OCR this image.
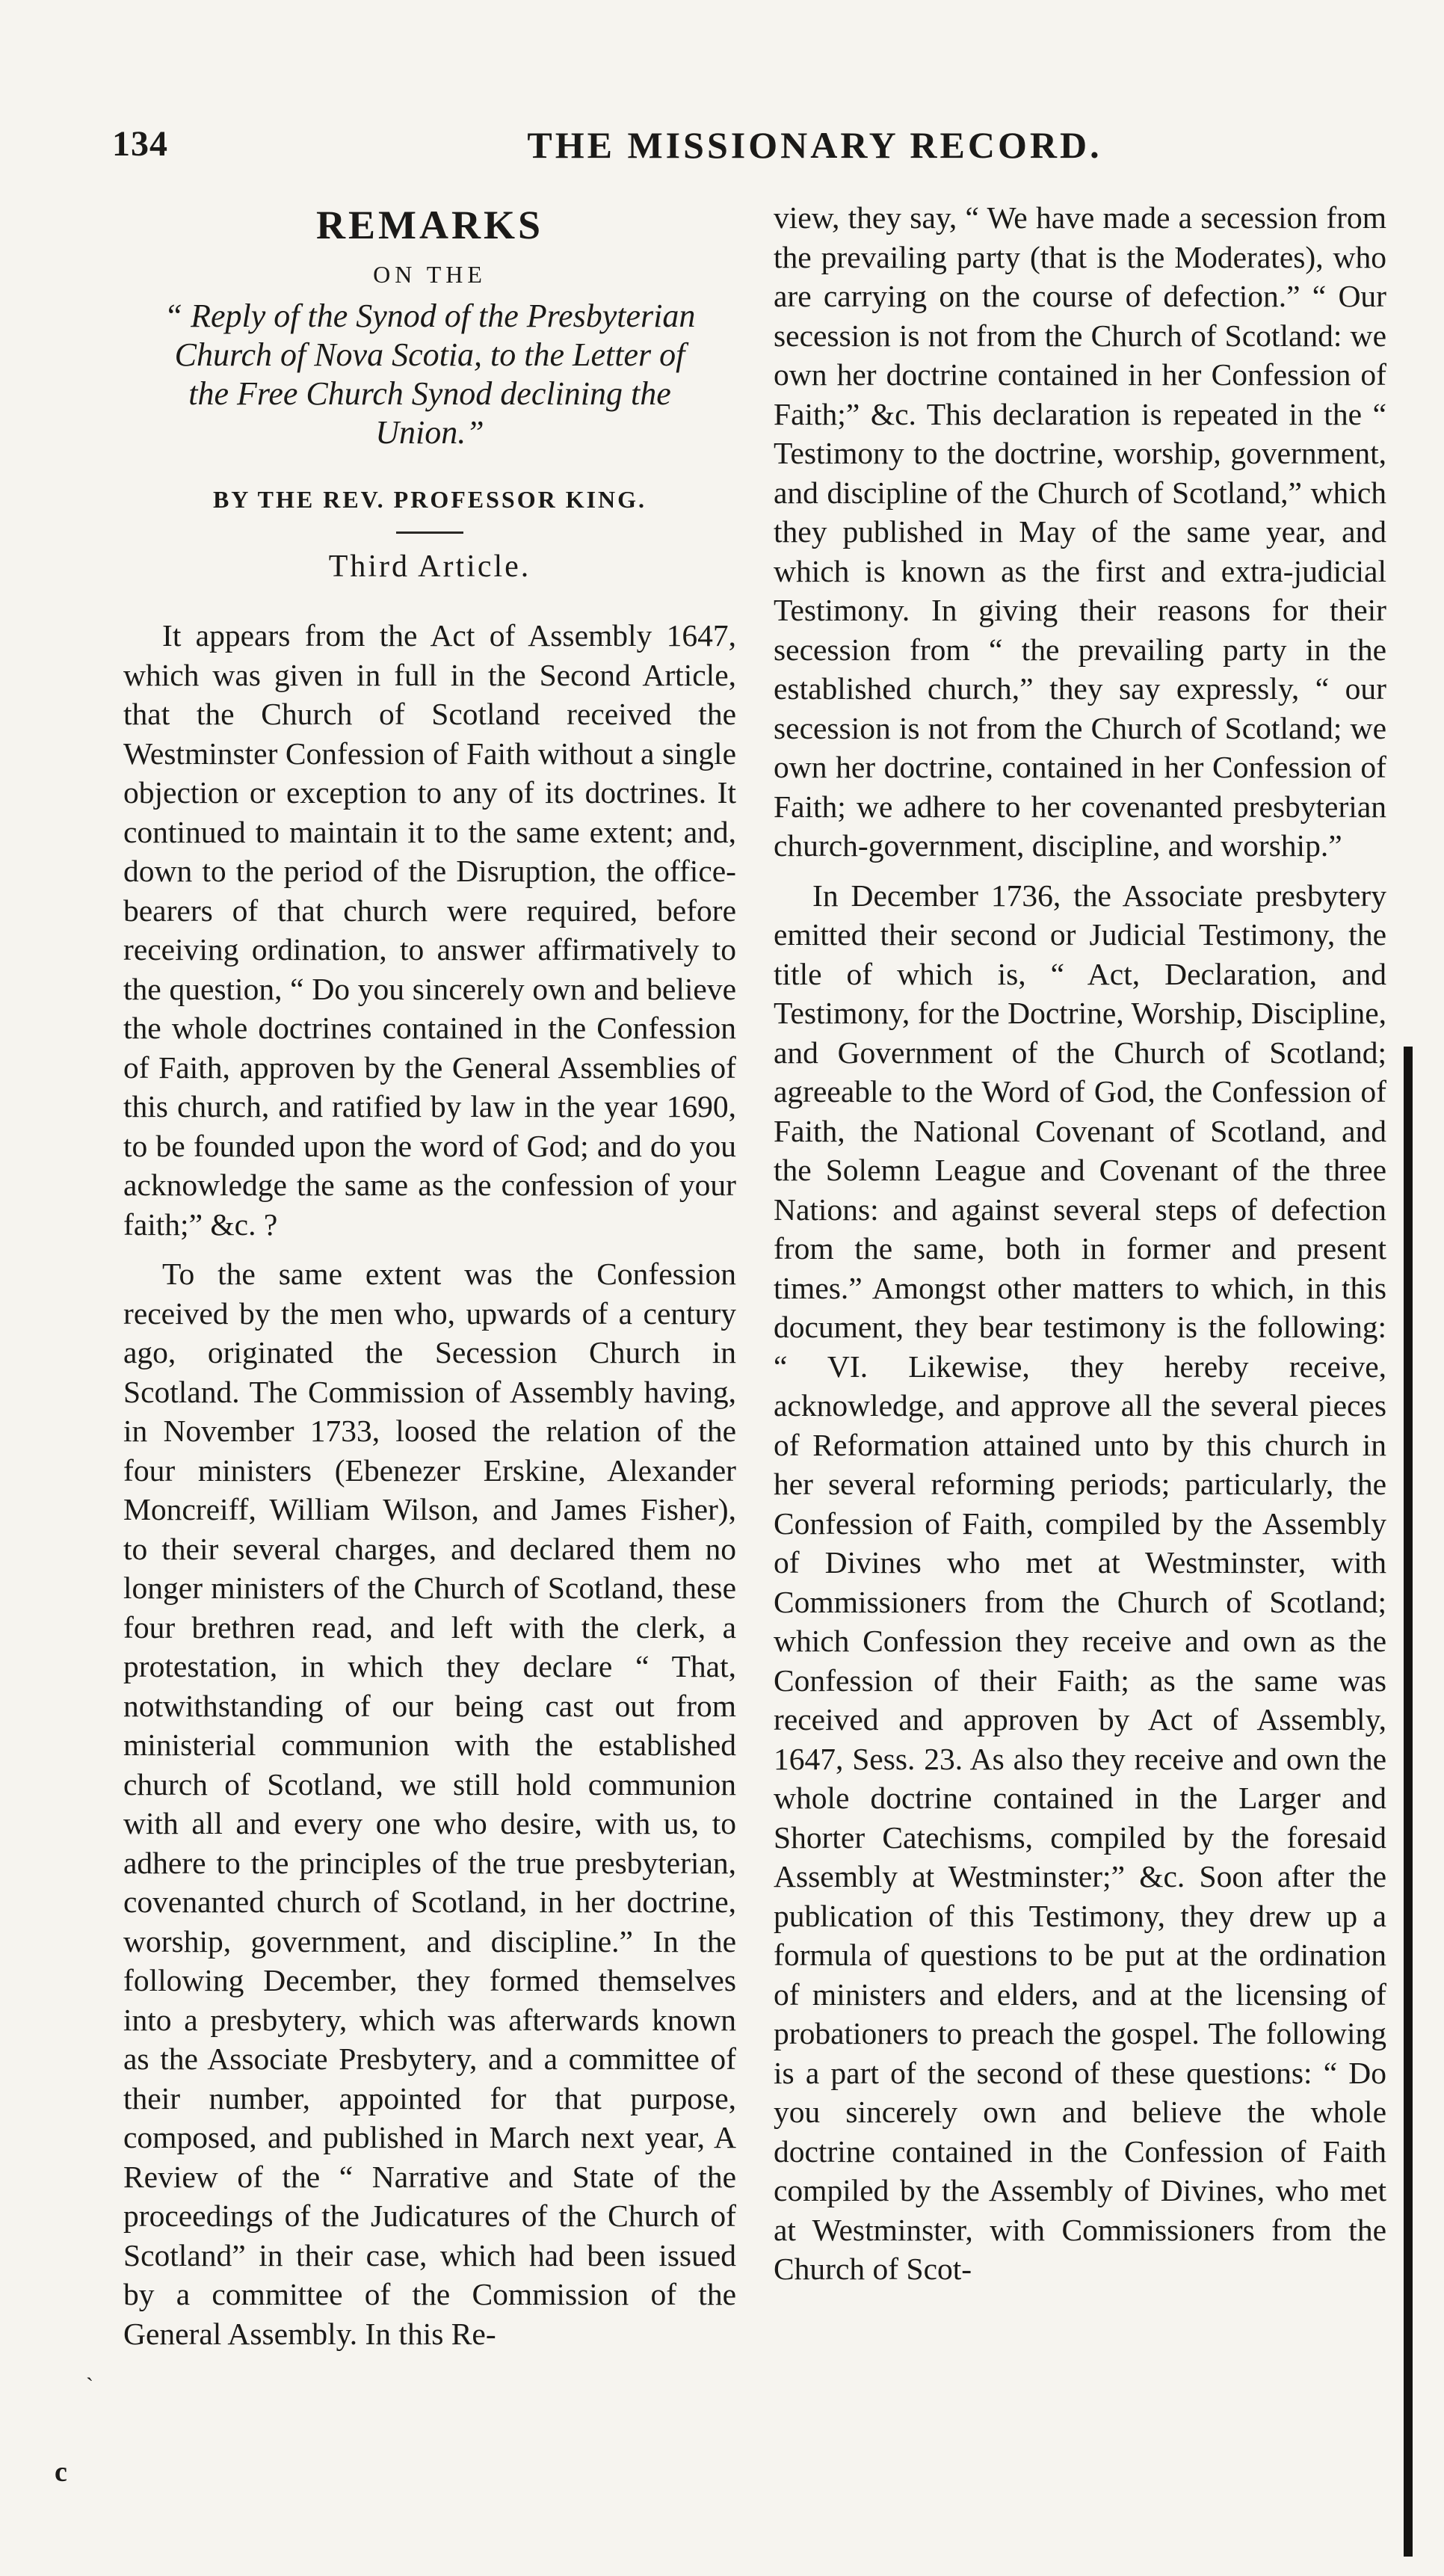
134	THE MISSIONARY RECORD.
REMARKS
ON THE
“ Reply of the Synod of the Presbyterian Church of Nova Scotia, to the Letter of the Free Church Synod declining the Union.”
BY THE REV. PROFESSOR KING.
Third Article.

It appears from the Act of Assembly 1647, which was given in full in the Second Article, that the Church of Scotland received the Westminster Confession of Faith without a single objection or exception to any of its doctrines. It continued to maintain it to the same extent; and, down to the period of the Disruption, the office-bearers of that church were required, before receiving ordination, to answer affirmatively to the question, “ Do you sincerely own and believe the whole doctrines contained in the Confession of Faith, approven by the General Assemblies of this church, and ratified by law in the year 1690, to be founded upon the word of God; and do you acknowledge the same as the confession of your faith;” &c. ?

To the same extent was the Confession received by the men who, upwards of a century ago, originated the Secession Church in Scotland. The Commission of Assembly having, in November 1733, loosed the relation of the four ministers (Ebenezer Erskine, Alexander Moncreiff, William Wilson, and James Fisher), to their several charges, and declared them no longer ministers of the Church of Scotland, these four brethren read, and left with the clerk, a protestation, in which they declare “ That, notwithstanding of our being cast out from ministerial communion with the established church of Scotland, we still hold communion with all and every one who desire, with us, to adhere to the principles of the true presbyterian, covenanted church of Scotland, in her doctrine, worship, government, and discipline.” In the following December, they formed themselves into a presbytery, which was afterwards known as the Associate Presbytery, and a committee of their number, appointed for that purpose, composed, and published in March next year, A Review of the “ Narrative and State of the proceedings of the Judicatures of the Church of Scotland” in their case, which had been issued by a committee of the Commission of the General Assembly. In this Re-

view, they say, “ We have made a secession from the prevailing party (that is the Moderates), who are carrying on the course of defection.” “ Our secession is not from the Church of Scotland: we own her doctrine contained in her Confession of Faith;” &c. This declaration is repeated in the “ Testimony to the doctrine, worship, government, and discipline of the Church of Scotland,” which they published in May of the same year, and which is known as the first and extra-judicial Testimony. In giving their reasons for their secession from “ the prevailing party in the established church,” they say expressly, “ our secession is not from the Church of Scotland; we own her doctrine, contained in her Confession of Faith; we adhere to her covenanted presbyterian church-government, discipline, and worship.”

In December 1736, the Associate presbytery emitted their second or Judicial Testimony, the title of which is, “ Act, Declaration, and Testimony, for the Doctrine, Worship, Discipline, and Government of the Church of Scotland; agreeable to the Word of God, the Confession of Faith, the National Covenant of Scotland, and the Solemn League and Covenant of the three Nations: and against several steps of defection from the same, both in former and present times.” Amongst other matters to which, in this document, they bear testimony is the following: “ VI. Likewise, they hereby receive, acknowledge, and approve all the several pieces of Reformation attained unto by this church in her several reforming periods; particularly, the Confession of Faith, compiled by the Assembly of Divines who met at Westminster, with Commissioners from the Church of Scotland; which Confession they receive and own as the Confession of their Faith; as the same was received and approven by Act of Assembly, 1647, Sess. 23. As also they receive and own the whole doctrine contained in the Larger and Shorter Catechisms, compiled by the foresaid Assembly at Westminster;” &c. Soon after the publication of this Testimony, they drew up a formula of questions to be put at the ordination of ministers and elders, and at the licensing of probationers to preach the gospel. The following is a part of the second of these questions: “ Do you sincerely own and believe the whole doctrine contained in the Confession of Faith compiled by the Assembly of Divines, who met at Westminster, with Commissioners from the Church of Scot-

`
c
